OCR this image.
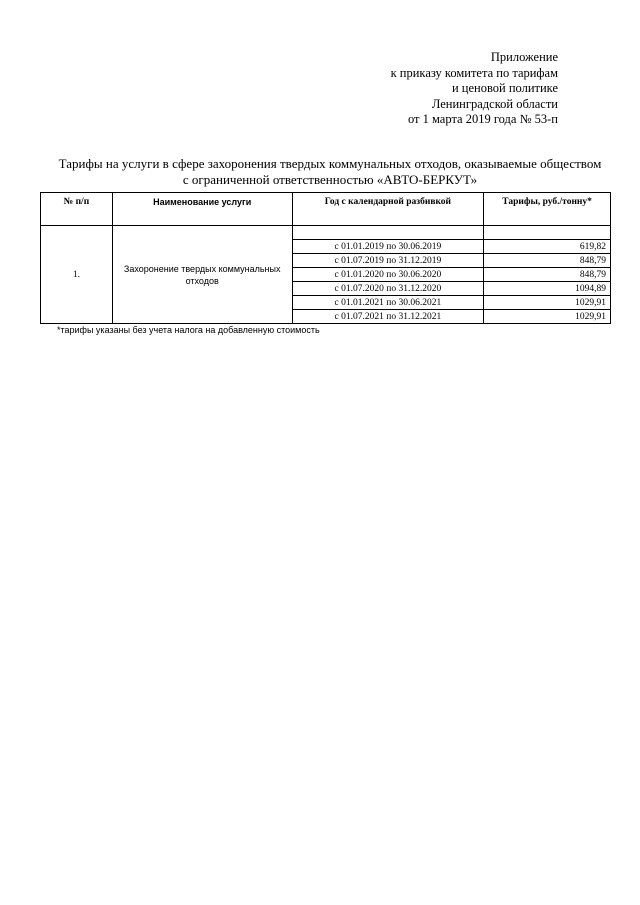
Приложение
к приказу комитета по тарифам
и ценовой политике
Ленинградской области
от 1 марта 2019 года № 53-п
Тарифы на услуги в сфере захоронения твердых коммунальных отходов, оказываемые обществом
с ограниченной ответственностью «АВТО-БЕРКУТ»
№ п/п	Наименование услуги	Год с календарной разбивкой	Тарифы, руб./тонну*
1.	Захоронение твердых коммунальных отходов		
		с 01.01.2019 по 30.06.2019	619,82
		с 01.07.2019 по 31.12.2019	848,79
		с 01.01.2020 по 30.06.2020	848,79
		с 01.07.2020 по 31.12.2020	1094,89
		с 01.01.2021 по 30.06.2021	1029,91
		с 01.07.2021 по 31.12.2021	1029,91
*тарифы указаны без учета налога на добавленную стоимость
